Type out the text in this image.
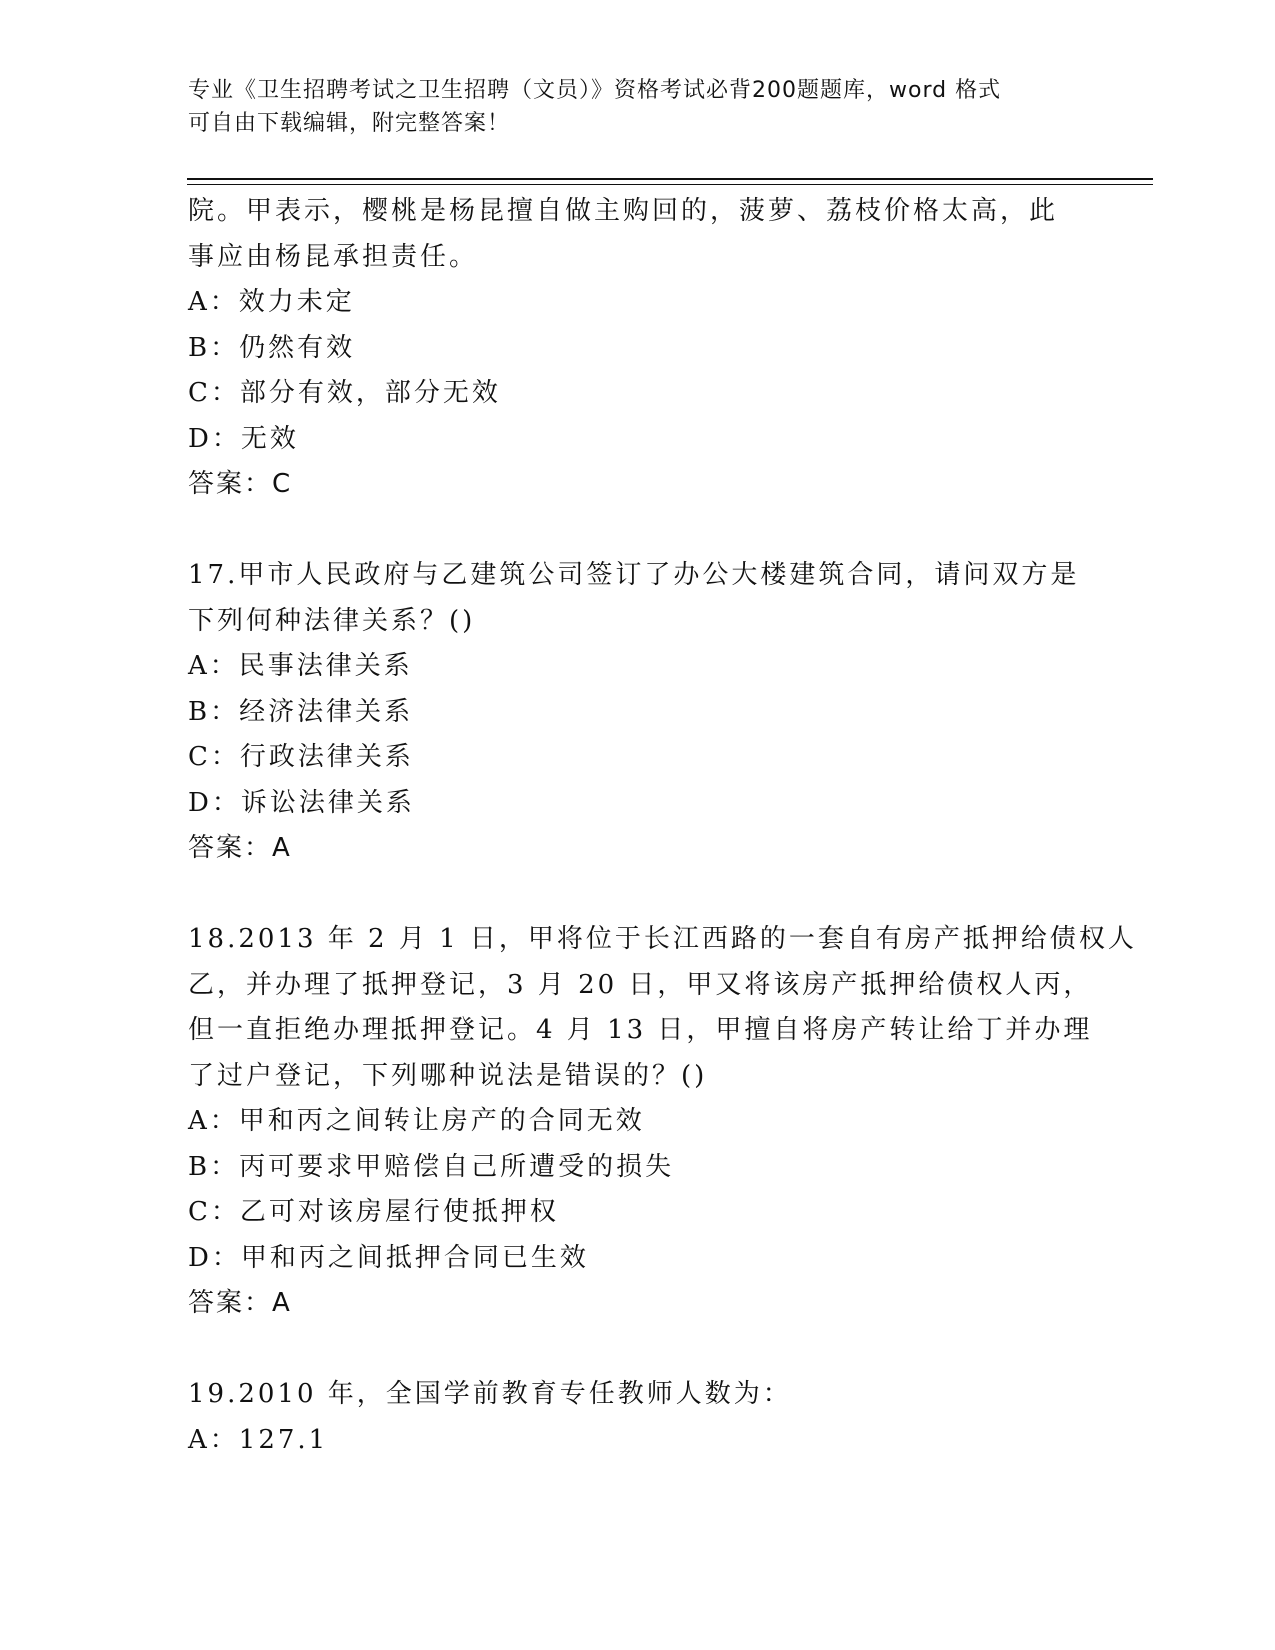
专业《卫生招聘考试之卫生招聘（文员）》资格考试必背200题题库，word 格式
可自由下载编辑，附完整答案！
院。甲表示，樱桃是杨昆擅自做主购回的，菠萝、荔枝价格太高，此
事应由杨昆承担责任。
A：效力未定
B：仍然有效
C：部分有效，部分无效
D：无效
答案：C
17.甲市人民政府与乙建筑公司签订了办公大楼建筑合同，请问双方是
下列何种法律关系？()
A：民事法律关系
B：经济法律关系
C：行政法律关系
D：诉讼法律关系
答案：A
18.2013 年 2 月 1 日，甲将位于长江西路的一套自有房产抵押给债权人
乙，并办理了抵押登记，3 月 20 日，甲又将该房产抵押给债权人丙，
但一直拒绝办理抵押登记。4 月 13 日，甲擅自将房产转让给丁并办理
了过户登记，下列哪种说法是错误的？()
A：甲和丙之间转让房产的合同无效
B：丙可要求甲赔偿自己所遭受的损失
C：乙可对该房屋行使抵押权
D：甲和丙之间抵押合同已生效
答案：A
19.2010 年，全国学前教育专任教师人数为：
A：127.1
